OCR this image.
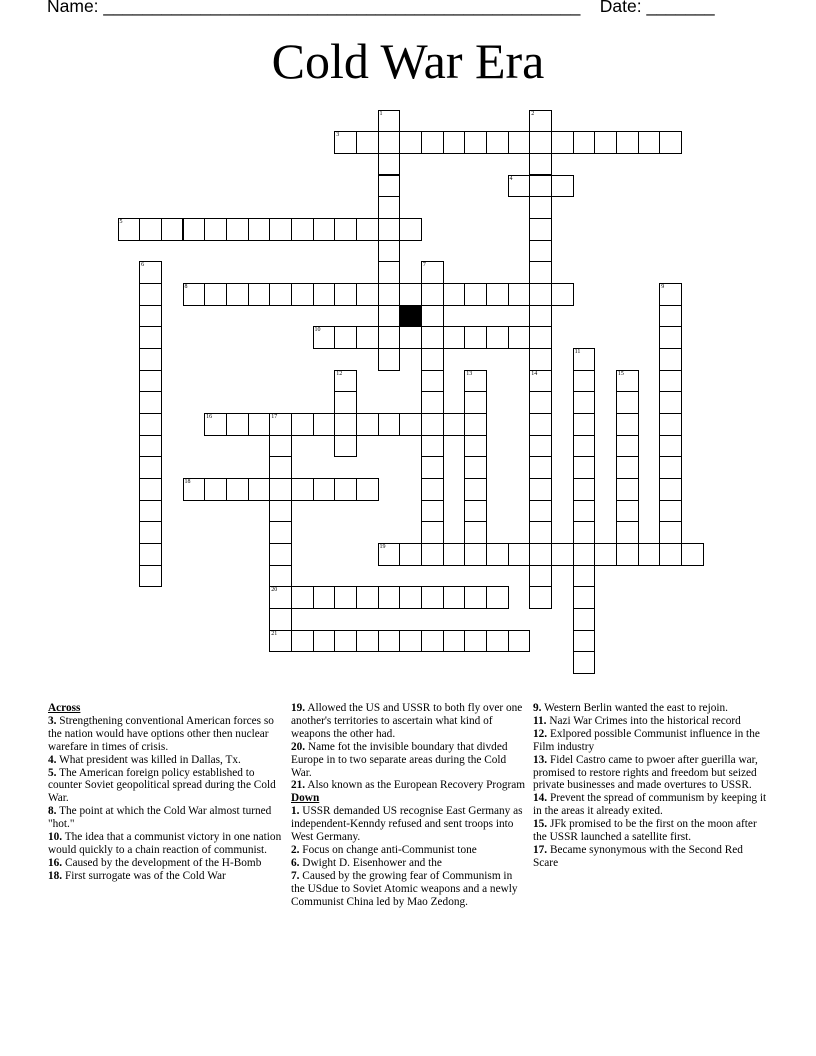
Name: _________________________________________________ Date: _______
Cold War Era
3
4
5
8
10
16	17
18
19
20
21
1	2
6	7
9
11
12	13	14	15
Across
3. Strengthening conventional American forces so the nation would have options other then nuclear warefare in times of crisis.
4. What president was killed in Dallas, Tx.
5. The American foreign policy established to counter Soviet geopolitical spread during the Cold War.
8. The point at which the Cold War almost turned "hot."
10. The idea that a communist victory in one nation would quickly to a chain reaction of communist.
16. Caused by the development of the H-Bomb
18. First surrogate was of the Cold War
19. Allowed the US and USSR to both fly over one another's territories to ascertain what kind of weapons the other had.
20. Name fot the invisible boundary that divded Europe in to two separate areas during the Cold War.
21. Also known as the European Recovery Program
Down
1. USSR demanded US recognise East Germany as independent-Kenndy refused and sent troops into West Germany.
2. Focus on change anti-Communist tone
6. Dwight D. Eisenhower and the
7. Caused by the growing fear of Communism in the USdue to Soviet Atomic weapons and a newly Communist China led by Mao Zedong.
9. Western Berlin wanted the east to rejoin.
11. Nazi War Crimes into the historical record
12. Exlpored possible Communist influence in the Film industry
13. Fidel Castro came to pwoer after guerilla war, promised to restore rights and freedom but seized private businesses and made overtures to USSR.
14. Prevent the spread of communism by keeping it in the areas it already exited.
15. JFk promised to be the first on the moon after the USSR launched a satellite first.
17. Became synonymous with the Second Red Scare
